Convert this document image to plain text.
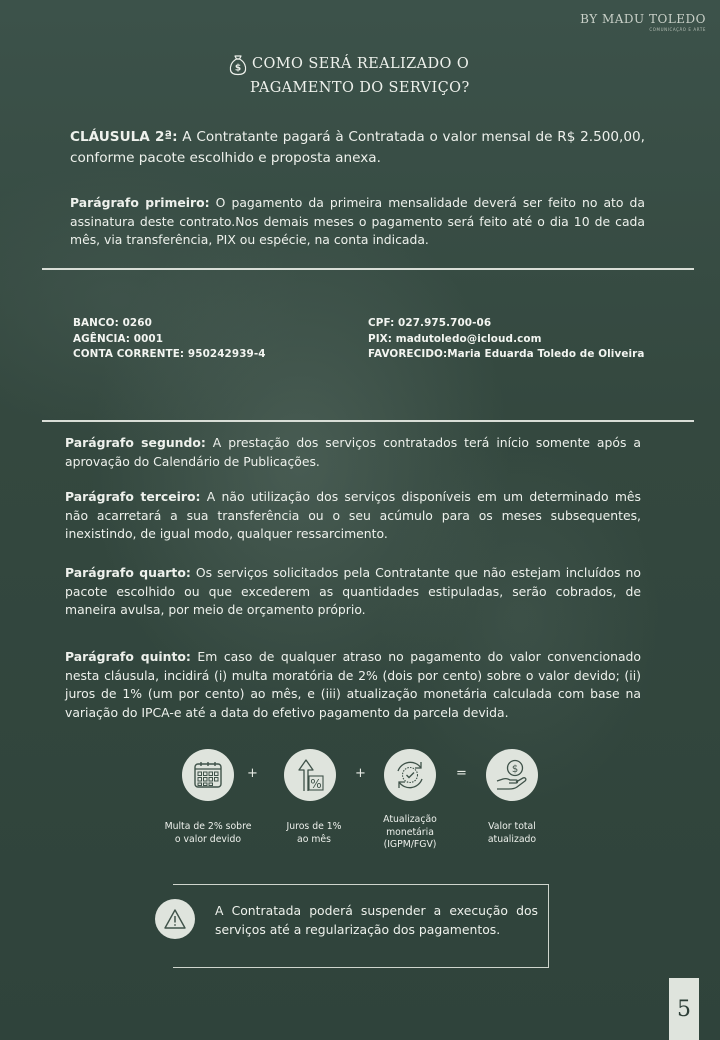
BY MADU TOLEDO
COMUNICAÇÃO E ARTE
$ COMO SERÁ REALIZADO O
PAGAMENTO DO SERVIÇO?

CLÁUSULA 2ª: A Contratante pagará à Contratada o valor mensal de R$ 2.500,00, conforme pacote escolhido e proposta anexa.

Parágrafo primeiro: O pagamento da primeira mensalidade deverá ser feito no ato da assinatura deste contrato.Nos demais meses o pagamento será feito até o dia 10 de cada mês, via transferência, PIX ou espécie, na conta indicada.

BANCO: 0260
AGÊNCIA: 0001
CONTA CORRENTE: 950242939-4
CPF: 027.975.700-06
PIX: madutoledo@icloud.com
FAVORECIDO:Maria Eduarda Toledo de Oliveira

Parágrafo segundo: A prestação dos serviços contratados terá início somente após a aprovação do Calendário de Publicações.

Parágrafo terceiro: A não utilização dos serviços disponíveis em um determinado mês não acarretará a sua transferência ou o seu acúmulo para os meses subsequentes, inexistindo, de igual modo, qualquer ressarcimento.

Parágrafo quarto: Os serviços solicitados pela Contratante que não estejam incluídos no pacote escolhido ou que excederem as quantidades estipuladas, serão cobrados, de maneira avulsa, por meio de orçamento próprio.

Parágrafo quinto: Em caso de qualquer atraso no pagamento do valor convencionado nesta cláusula, incidirá (i) multa moratória de 2% (dois por cento) sobre o valor devido; (ii) juros de 1% (um por cento) ao mês, e (iii) atualização monetária calculada com base na variação do IPCA-e até a data do efetivo pagamento da parcela devida.

+
%
+	=	$
Multa de 2% sobre
o valor devido
Juros de 1%
ao mês
Atualização
monetária
(IGPM/FGV)
Valor total
atualizado

A Contratada poderá suspender a execução dos serviços até a regularização dos pagamentos.

5
